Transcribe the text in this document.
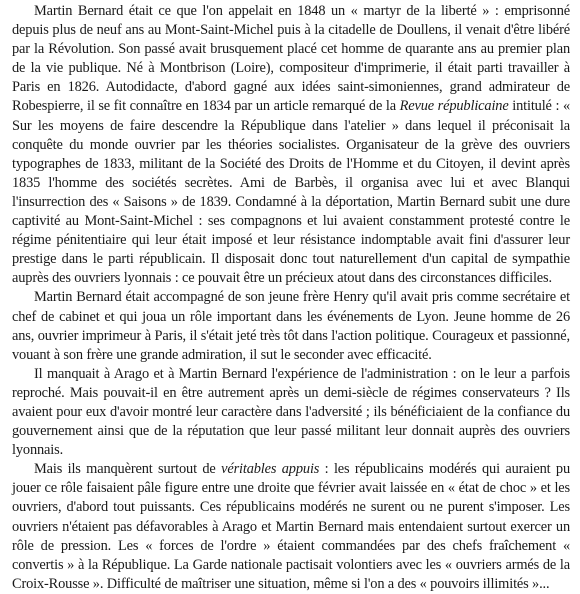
Martin Bernard était ce que l'on appelait en 1848 un « martyr de la liberté » : emprisonné depuis plus de neuf ans au Mont-Saint-Michel puis à la citadelle de Doullens, il venait d'être libéré par la Révolution. Son passé avait brusquement placé cet homme de quarante ans au premier plan de la vie publique. Né à Montbrison (Loire), compositeur d'imprimerie, il était parti travailler à Paris en 1826. Autodidacte, d'abord gagné aux idées saint-simoniennes, grand admirateur de Robespierre, il se fit connaître en 1834 par un article remarqué de la Revue républicaine intitulé : « Sur les moyens de faire descendre la République dans l'atelier » dans lequel il préconisait la conquête du monde ouvrier par les théories socialistes. Organisateur de la grève des ouvriers typographes de 1833, militant de la Société des Droits de l'Homme et du Citoyen, il devint après 1835 l'homme des sociétés secrètes. Ami de Barbès, il organisa avec lui et avec Blanqui l'insurrection des « Saisons » de 1839. Condamné à la déportation, Martin Bernard subit une dure captivité au Mont-Saint-Michel : ses compagnons et lui avaient constamment protesté contre le régime pénitentiaire qui leur était imposé et leur résistance indomptable avait fini d'assurer leur prestige dans le parti républicain. Il disposait donc tout naturellement d'un capital de sympathie auprès des ouvriers lyonnais : ce pouvait être un précieux atout dans des circonstances difficiles.

Martin Bernard était accompagné de son jeune frère Henry qu'il avait pris comme secrétaire et chef de cabinet et qui joua un rôle important dans les événements de Lyon. Jeune homme de 26 ans, ouvrier imprimeur à Paris, il s'était jeté très tôt dans l'action politique. Courageux et passionné, vouant à son frère une grande admiration, il sut le seconder avec efficacité.

Il manquait à Arago et à Martin Bernard l'expérience de l'administration : on le leur a parfois reproché. Mais pouvait-il en être autrement après un demi-siècle de régimes conservateurs ? Ils avaient pour eux d'avoir montré leur caractère dans l'adversité ; ils bénéficiaient de la confiance du gouvernement ainsi que de la réputation que leur passé militant leur donnait auprès des ouvriers lyonnais.

Mais ils manquèrent surtout de véritables appuis : les républicains modérés qui auraient pu jouer ce rôle faisaient pâle figure entre une droite que février avait laissée en « état de choc » et les ouvriers, d'abord tout puissants. Ces républicains modérés ne surent ou ne purent s'imposer. Les ouvriers n'étaient pas défavorables à Arago et Martin Bernard mais entendaient surtout exercer un rôle de pression. Les « forces de l'ordre » étaient commandées par des chefs fraîchement « convertis » à la République. La Garde nationale pactisait volontiers avec les « ouvriers armés de la Croix-Rousse ». Difficulté de maîtriser une situation, même si l'on a des « pouvoirs illimités »...
